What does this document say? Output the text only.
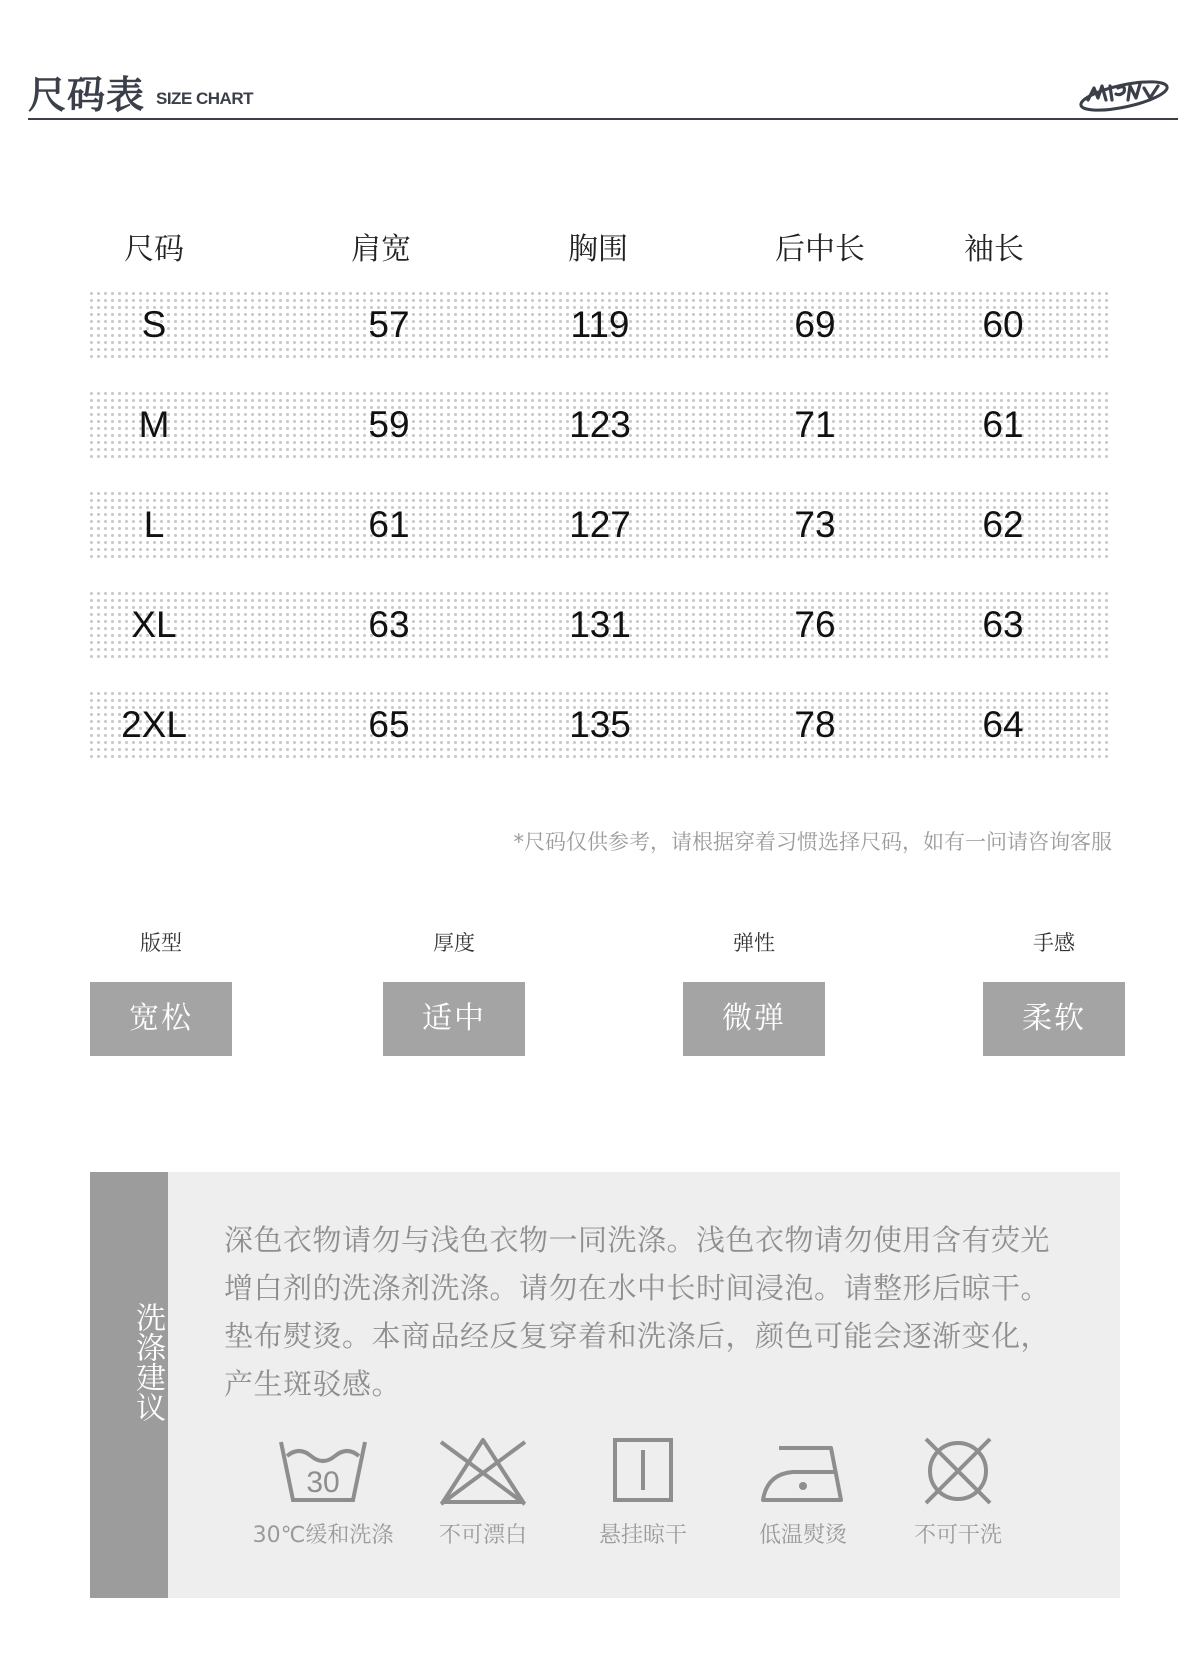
尺码表 SIZE CHART
尺码	肩宽	胸围	后中长	袖长
S	57	119	69	60
M	59	123	71	61
L	61	127	73	62
XL	63	131	76	63
2XL	65	135	78	64
*尺码仅供参考，请根据穿着习惯选择尺码，如有一问请咨询客服
版型
宽松
厚度
适中
弹性
微弹
手感
柔软
洗涤建议
深色衣物请勿与浅色衣物一同洗涤。浅色衣物请勿使用含有荧光增白剂的洗涤剂洗涤。请勿在水中长时间浸泡。请整形后晾干。垫布熨烫。本商品经反复穿着和洗涤后，颜色可能会逐渐变化，产生斑驳感。
30
30℃缓和洗涤	不可漂白	悬挂晾干	低温熨烫	不可干洗
